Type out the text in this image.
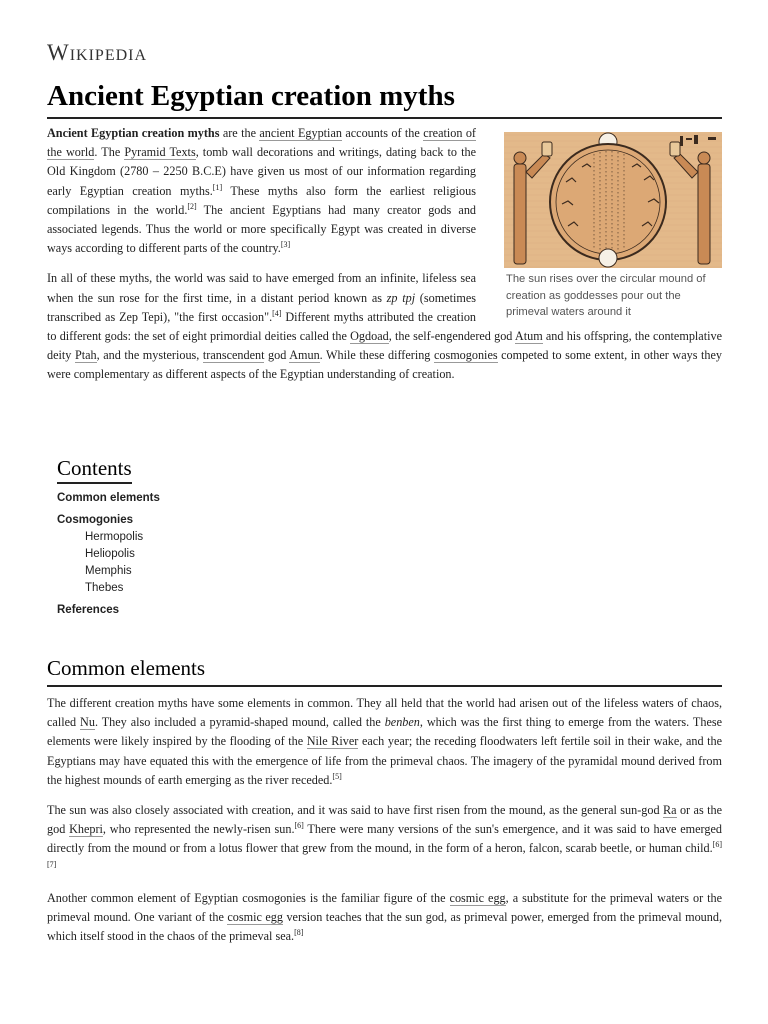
Wikipedia
Ancient Egyptian creation myths
The sun rises over the circular mound of creation as goddesses pour out the primeval waters around it

Ancient Egyptian creation myths are the ancient Egyptian accounts of the creation of the world. The Pyramid Texts, tomb wall decorations and writings, dating back to the Old Kingdom (2780 – 2250 B.C.E) have given us most of our information regarding early Egyptian creation myths.[1] These myths also form the earliest religious compilations in the world.[2] The ancient Egyptians had many creator gods and associated legends. Thus the world or more specifically Egypt was created in diverse ways according to different parts of the country.[3]

In all of these myths, the world was said to have emerged from an infinite, lifeless sea when the sun rose for the first time, in a distant period known as zp tpj (sometimes transcribed as Zep Tepi), "the first occasion".[4] Different myths attributed the creation to different gods: the set of eight primordial deities called the Ogdoad, the self-engendered god Atum and his offspring, the contemplative deity Ptah, and the mysterious, transcendent god Amun. While these differing cosmogonies competed to some extent, in other ways they were complementary as different aspects of the Egyptian understanding of creation.

Contents
Common elements
Cosmogonies
Hermopolis
Heliopolis
Memphis
Thebes
References
Common elements

The different creation myths have some elements in common. They all held that the world had arisen out of the lifeless waters of chaos, called Nu. They also included a pyramid-shaped mound, called the benben, which was the first thing to emerge from the waters. These elements were likely inspired by the flooding of the Nile River each year; the receding floodwaters left fertile soil in their wake, and the Egyptians may have equated this with the emergence of life from the primeval chaos. The imagery of the pyramidal mound derived from the highest mounds of earth emerging as the river receded.[5]

The sun was also closely associated with creation, and it was said to have first risen from the mound, as the general sun-god Ra or as the god Khepri, who represented the newly-risen sun.[6] There were many versions of the sun's emergence, and it was said to have emerged directly from the mound or from a lotus flower that grew from the mound, in the form of a heron, falcon, scarab beetle, or human child.[6][7]

Another common element of Egyptian cosmogonies is the familiar figure of the cosmic egg, a substitute for the primeval waters or the primeval mound. One variant of the cosmic egg version teaches that the sun god, as primeval power, emerged from the primeval mound, which itself stood in the chaos of the primeval sea.[8]
